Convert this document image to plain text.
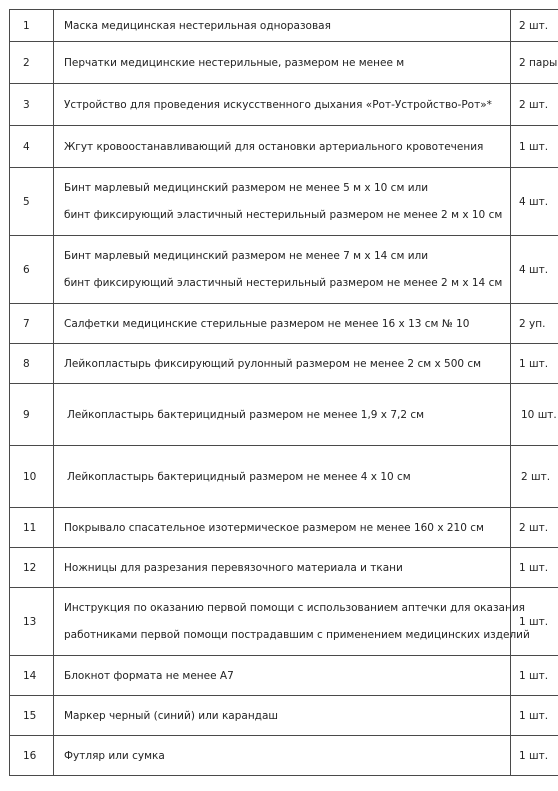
1	Маска медицинская нестерильная одноразовая	2 шт.
2	Перчатки медицинские нестерильные, размером не менее м	2 пары
3	Устройство для проведения искусственного дыхания «Рот-Устройство-Рот»*	2 шт.
4	Жгут кровоостанавливающий для остановки артериального кровотечения	1 шт.
5	Бинт марлевый медицинский размером не менее 5 м x 10 см или
бинт фиксирующий эластичный нестерильный размером не менее 2 м x 10 см	4 шт.
6	Бинт марлевый медицинский размером не менее 7 м x 14 см или
бинт фиксирующий эластичный нестерильный размером не менее 2 м x 14 см	4 шт.
7	Салфетки медицинские стерильные размером не менее 16 x 13 см № 10	2 уп.
8	Лейкопластырь фиксирующий рулонный размером не менее 2 см x 500 см	1 шт.
9	Лейкопластырь бактерицидный размером не менее 1,9 x 7,2 см	10 шт.
10	Лейкопластырь бактерицидный размером не менее 4 x 10 см	2 шт.
11	Покрывало спасательное изотермическое размером не менее 160 x 210 см	2 шт.
12	Ножницы для разрезания перевязочного материала и ткани	1 шт.
13	Инструкция по оказанию первой помощи с использованием аптечки для оказания
работниками первой помощи пострадавшим с применением медицинских изделий	1 шт.
14	Блокнот формата не менее А7	1 шт.
15	Маркер черный (синий) или карандаш	1 шт.
16	Футляр или сумка	1 шт.
